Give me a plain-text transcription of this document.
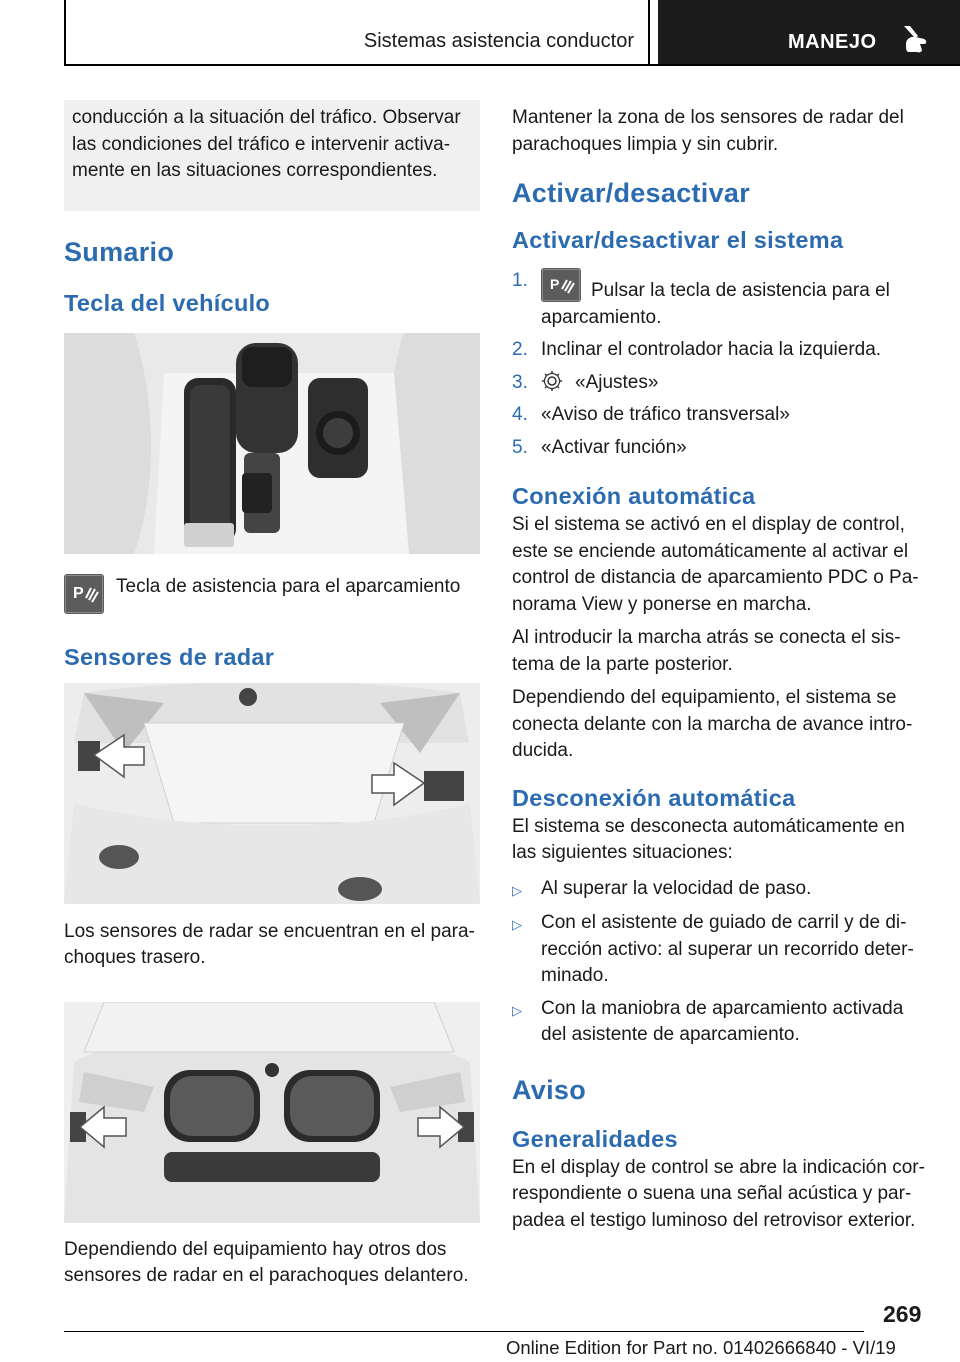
Sistemas asistencia conductor	MANEJO

conducción a la situación del tráfico. Observar las condiciones del tráfico e intervenir activamente en las situaciones correspondientes.

Sumario
Tecla del vehículo
P Tecla de asistencia para el aparcamiento

Sensores de radar

Los sensores de radar se encuentran en el parachoques trasero.

Dependiendo del equipamiento hay otros dos sensores de radar en el parachoques delantero.

Mantener la zona de los sensores de radar del parachoques limpia y sin cubrir.

Activar/desactivar
Activar/desactivar el sistema
1.	P Pulsar la tecla de asistencia para el aparcamiento.
2. Inclinar el controlador hacia la izquierda.
3.	«Ajustes»
4. «Aviso de tráfico transversal»
5. «Activar función»
Conexión automática

Si el sistema se activó en el display de control, este se enciende automáticamente al activar el control de distancia de aparcamiento PDC o Panorama View y ponerse en marcha.

Al introducir la marcha atrás se conecta el sistema de la parte posterior.

Dependiendo del equipamiento, el sistema se conecta delante con la marcha de avance introducida.

Desconexión automática

El sistema se desconecta automáticamente en las siguientes situaciones:

▷	Al superar la velocidad de paso.
▷	Con el asistente de guiado de carril y de dirección activo: al superar un recorrido determinado.
▷	Con la maniobra de aparcamiento activada del asistente de aparcamiento.
Aviso
Generalidades

En el display de control se abre la indicación correspondiente o suena una señal acústica y parpadea el testigo luminoso del retrovisor exterior.

269
Online Edition for Part no. 01402666840 - VI/19
